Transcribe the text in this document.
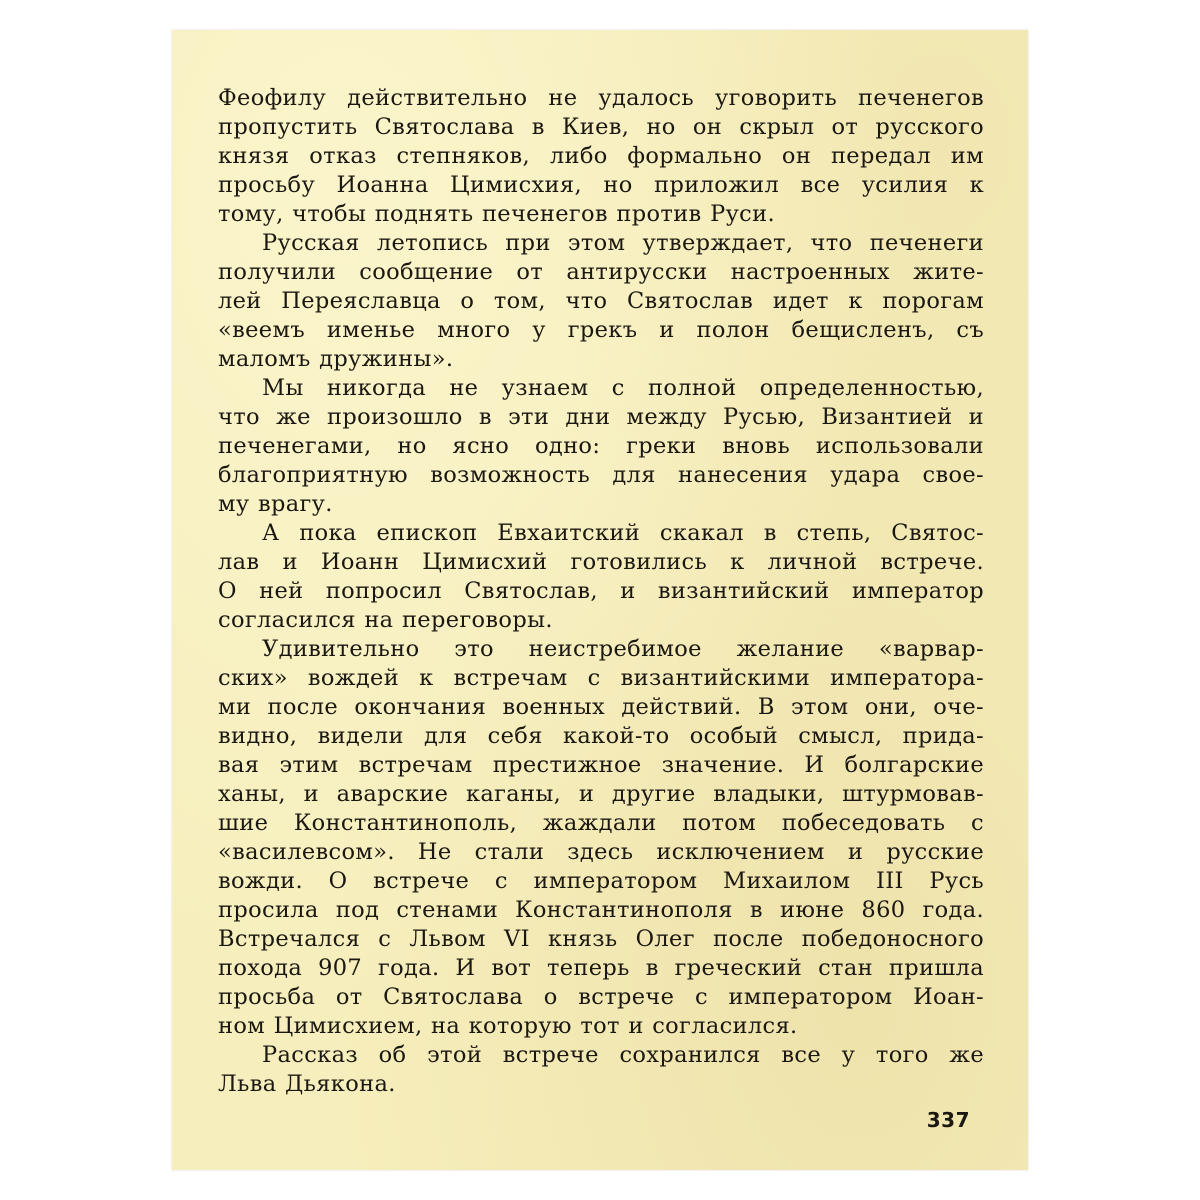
Феофилу действительно не удалось уговорить печенегов
пропустить Святослава в Киев, но он скрыл от русского
князя отказ степняков, либо формально он передал им
просьбу Иоанна Цимисхия, но приложил все усилия к
тому, чтобы поднять печенегов против Руси.

Русская летопись при этом утверждает, что печенеги
получили сообщение от антирусски настроенных жите-
лей Переяславца о том, что Святослав идет к порогам
«веемъ именье много у грекъ и полон бещисленъ, съ
маломъ дружины».

Мы никогда не узнаем с полной определенностью,
что же произошло в эти дни между Русью, Византией и
печенегами, но ясно одно: греки вновь использовали
благоприятную возможность для нанесения удара свое-
му врагу.

А пока епископ Евхаитский скакал в степь, Святос-
лав и Иоанн Цимисхий готовились к личной встрече.
О ней попросил Святослав, и византийский император
согласился на переговоры.

Удивительно это неистребимое желание «варвар-
ских» вождей к встречам с византийскими императора-
ми после окончания военных действий. В этом они, оче-
видно, видели для себя какой-то особый смысл, прида-
вая этим встречам престижное значение. И болгарские
ханы, и аварские каганы, и другие владыки, штурмовав-
шие Константинополь, жаждали потом побеседовать с
«василевсом». Не стали здесь исключением и русские
вожди. О встрече с императором Михаилом III Русь
просила под стенами Константинополя в июне 860 года.
Встречался с Львом VI князь Олег после победоносного
похода 907 года. И вот теперь в греческий стан пришла
просьба от Святослава о встрече с императором Иоан-
ном Цимисхием, на которую тот и согласился.

Рассказ об этой встрече сохранился все у того же
Льва Дьякона.

337
